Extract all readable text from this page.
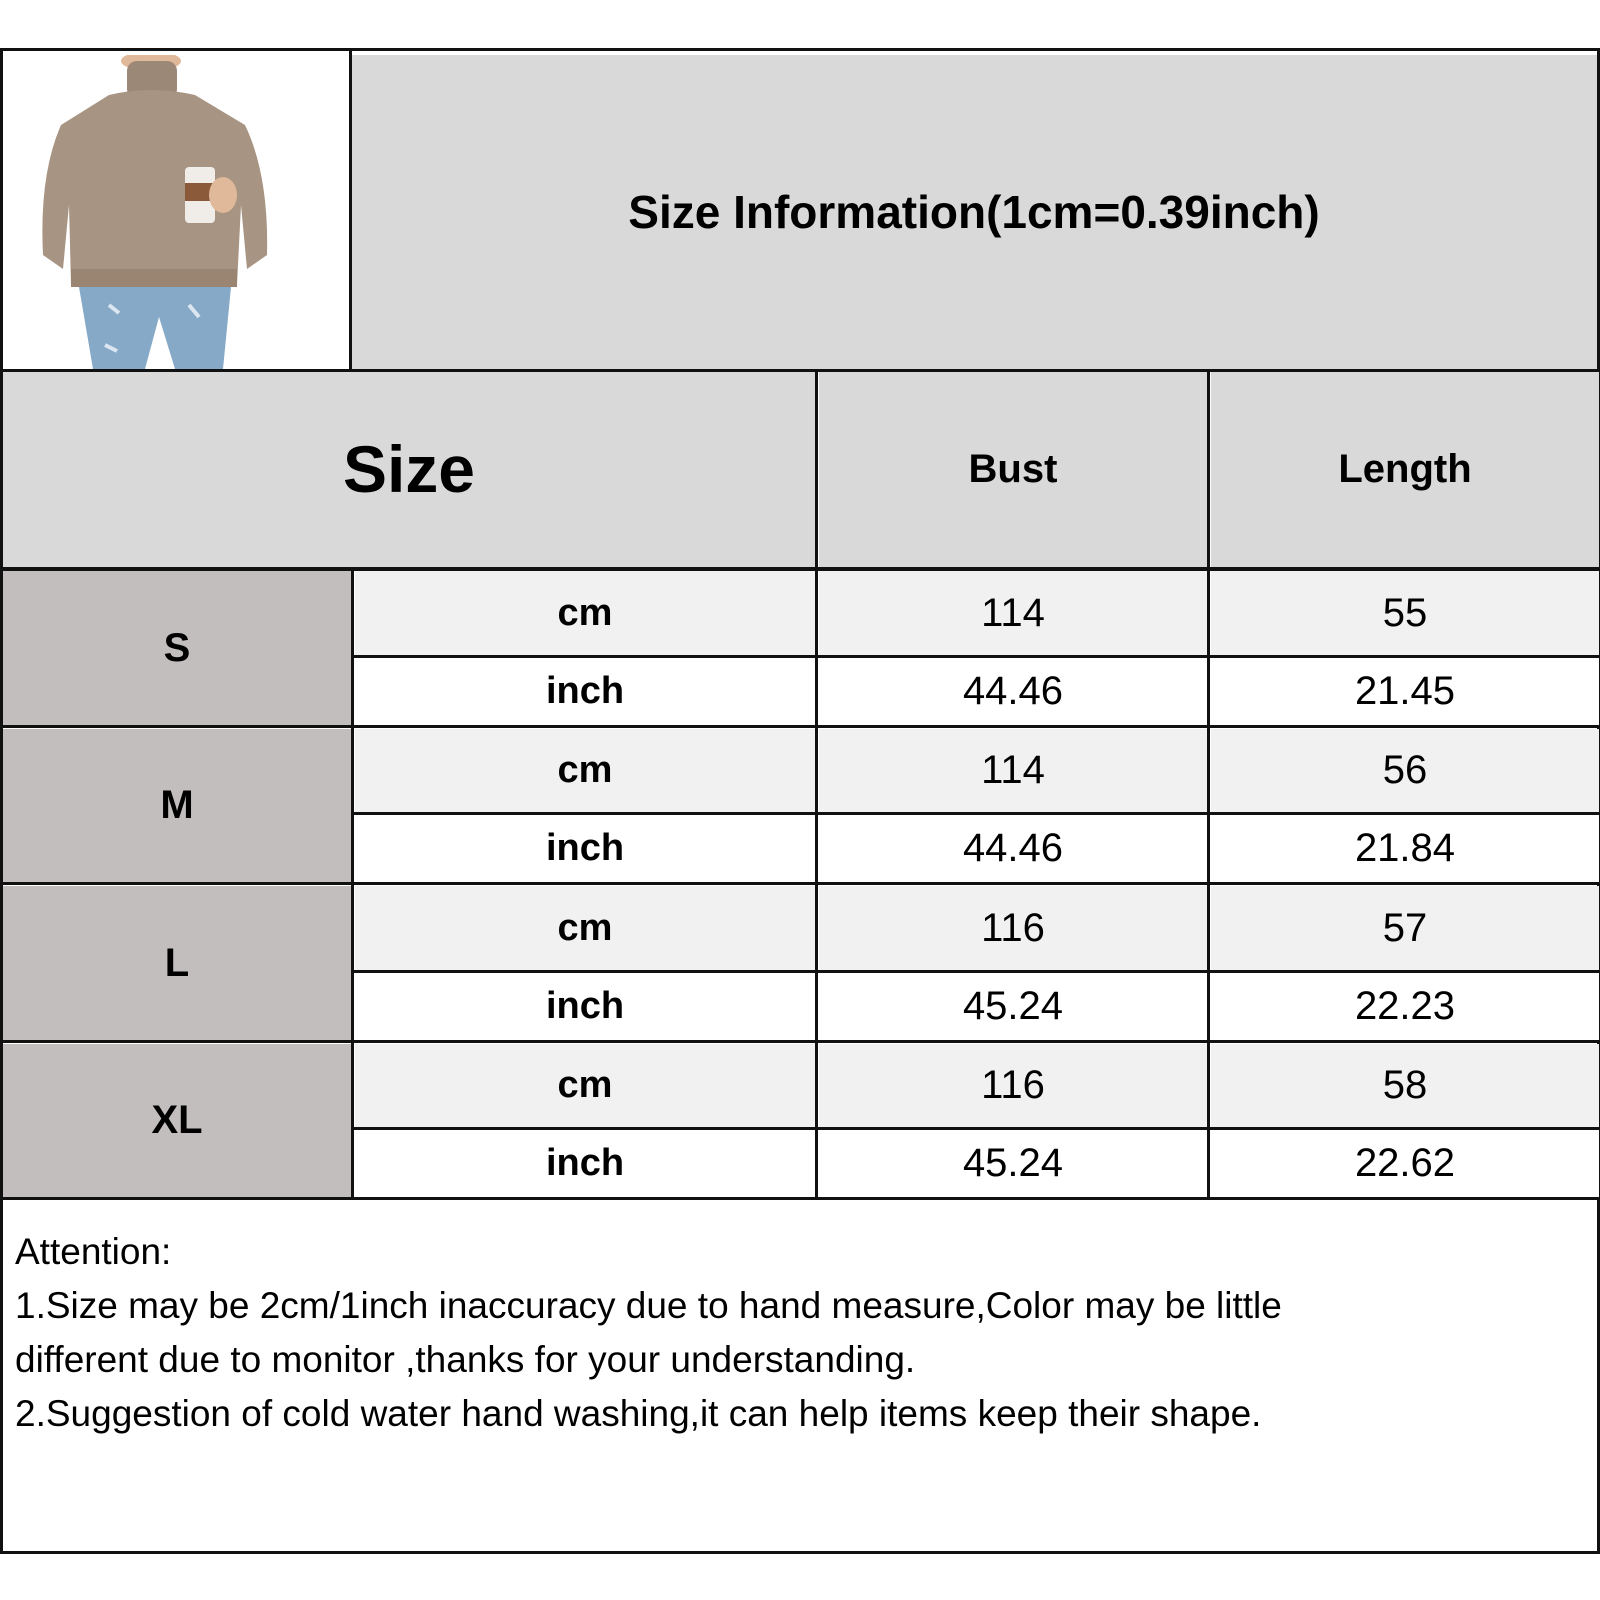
Size Information(1cm=0.39inch)
Size	Bust	Length
S
cm	114	55
inch	44.46	21.45
M
cm	114	56
inch	44.46	21.84
L
cm	116	57
inch	45.24	22.23
XL
cm	116	58
inch	45.24	22.62
Attention:
1.Size may be 2cm/1inch inaccuracy due to hand measure,Color may be little
different due to monitor ,thanks for your understanding.
2.Suggestion of cold water hand washing,it can help items keep their shape.
